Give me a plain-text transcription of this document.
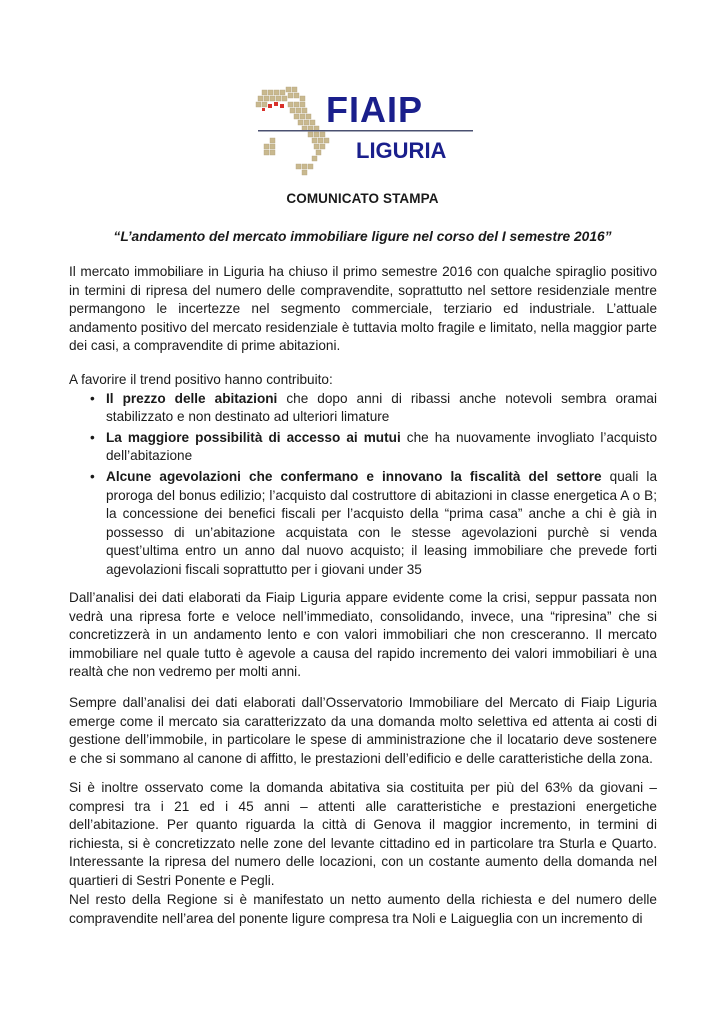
FIAIP
LIGURIA
COMUNICATO STAMPA
“L’andamento del mercato immobiliare ligure nel corso del I semestre 2016”

Il mercato immobiliare in Liguria ha chiuso il primo semestre 2016 con qualche spiraglio positivo in termini di ripresa del numero delle compravendite, soprattutto nel settore residenziale mentre permangono le incertezze nel segmento commerciale, terziario ed industriale. L’attuale andamento positivo del mercato residenziale è tuttavia molto fragile e limitato, nella maggior parte dei casi, a compravendite di prime abitazioni.

A favorire il trend positivo hanno contribuito:

• Il prezzo delle abitazioni che dopo anni di ribassi anche notevoli sembra oramai stabilizzato e non destinato ad ulteriori limature
• La maggiore possibilità di accesso ai mutui che ha nuovamente invogliato l’acquisto dell’abitazione
• Alcune agevolazioni che confermano e innovano la fiscalità del settore quali la proroga del bonus edilizio; l’acquisto dal costruttore di abitazioni in classe energetica A o B; la concessione dei benefici fiscali per l’acquisto della “prima casa” anche a chi è già in possesso di un’abitazione acquistata con le stesse agevolazioni purchè si venda quest’ultima entro un anno dal nuovo acquisto; il leasing immobiliare che prevede forti agevolazioni fiscali soprattutto per i giovani under 35

Dall’analisi dei dati elaborati da Fiaip Liguria appare evidente come la crisi, seppur passata non vedrà una ripresa forte e veloce nell’immediato, consolidando, invece, una “ripresina” che si concretizzerà in un andamento lento e con valori immobiliari che non cresceranno. Il mercato immobiliare nel quale tutto è agevole a causa del rapido incremento dei valori immobiliari è una realtà che non vedremo per molti anni.

Sempre dall’analisi dei dati elaborati dall’Osservatorio Immobiliare del Mercato di Fiaip Liguria emerge come il mercato sia caratterizzato da una domanda molto selettiva ed attenta ai costi di gestione dell’immobile, in particolare le spese di amministrazione che il locatario deve sostenere e che si sommano al canone di affitto, le prestazioni dell’edificio e delle caratteristiche della zona.

Si è inoltre osservato come la domanda abitativa sia costituita per più del 63% da giovani – compresi tra i 21 ed i 45 anni – attenti alle caratteristiche e prestazioni energetiche dell’abitazione. Per quanto riguarda la città di Genova il maggior incremento, in termini di richiesta, si è concretizzato nelle zone del levante cittadino ed in particolare tra Sturla e Quarto. Interessante la ripresa del numero delle locazioni, con un costante aumento della domanda nel quartieri di Sestri Ponente e Pegli.

Nel resto della Regione si è manifestato un netto aumento della richiesta e del numero delle compravendite nell’area del ponente ligure compresa tra Noli e Laigueglia con un incremento di
